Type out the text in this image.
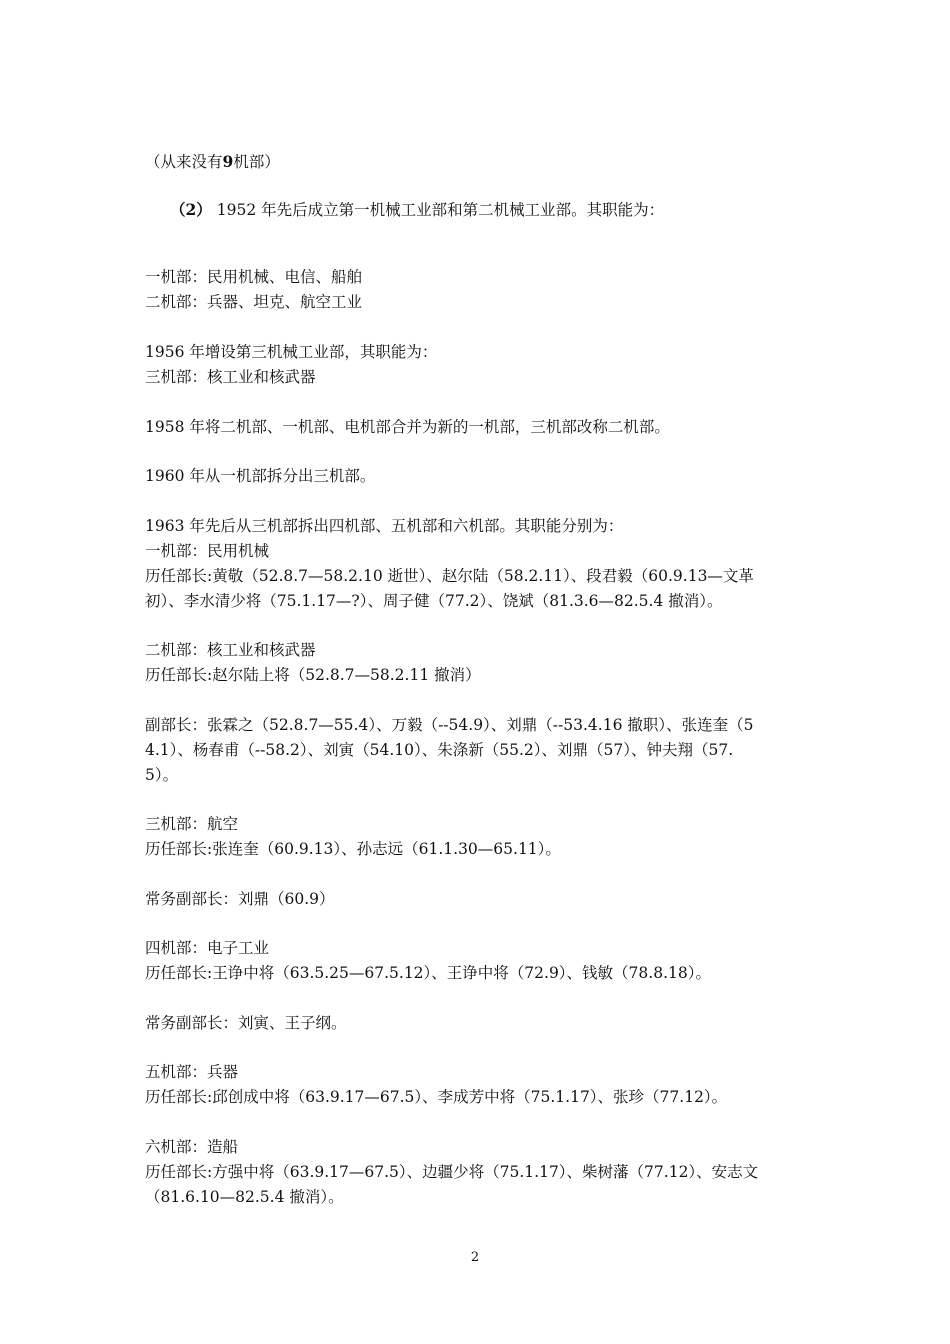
（从来没有9机部）
（2） 1952 年先后成立第一机械工业部和第二机械工业部。其职能为：
一机部：民用机械、电信、船舶
二机部：兵器、坦克、航空工业
1956 年增设第三机械工业部，其职能为：
三机部：核工业和核武器
1958 年将二机部、一机部、电机部合并为新的一机部，三机部改称二机部。
1960 年从一机部拆分出三机部。
1963 年先后从三机部拆出四机部、五机部和六机部。其职能分别为：
一机部：民用机械
历任部长:黄敬（52.8.7—58.2.10 逝世）、赵尔陆（58.2.11）、段君毅（60.9.13—文革
初）、李水清少将（75.1.17—?）、周子健（77.2）、饶斌（81.3.6—82.5.4 撤消）。
二机部：核工业和核武器
历任部长:赵尔陆上将（52.8.7—58.2.11 撤消）
副部长：张霖之（52.8.7—55.4）、万毅（--54.9）、刘鼎（--53.4.16 撤职）、张连奎（5
4.1）、杨春甫（--58.2）、刘寅（54.10）、朱涤新（55.2）、刘鼎（57）、钟夫翔（57.
5）。
三机部：航空
历任部长:张连奎（60.9.13）、孙志远（61.1.30—65.11）。
常务副部长：刘鼎（60.9）
四机部：电子工业
历任部长:王诤中将（63.5.25—67.5.12）、王诤中将（72.9）、钱敏（78.8.18）。
常务副部长：刘寅、王子纲。
五机部：兵器
历任部长:邱创成中将（63.9.17—67.5）、李成芳中将（75.1.17）、张珍（77.12）。
六机部：造船
历任部长:方强中将（63.9.17—67.5）、边疆少将（75.1.17）、柴树藩（77.12）、安志文
（81.6.10—82.5.4 撤消）。
2
